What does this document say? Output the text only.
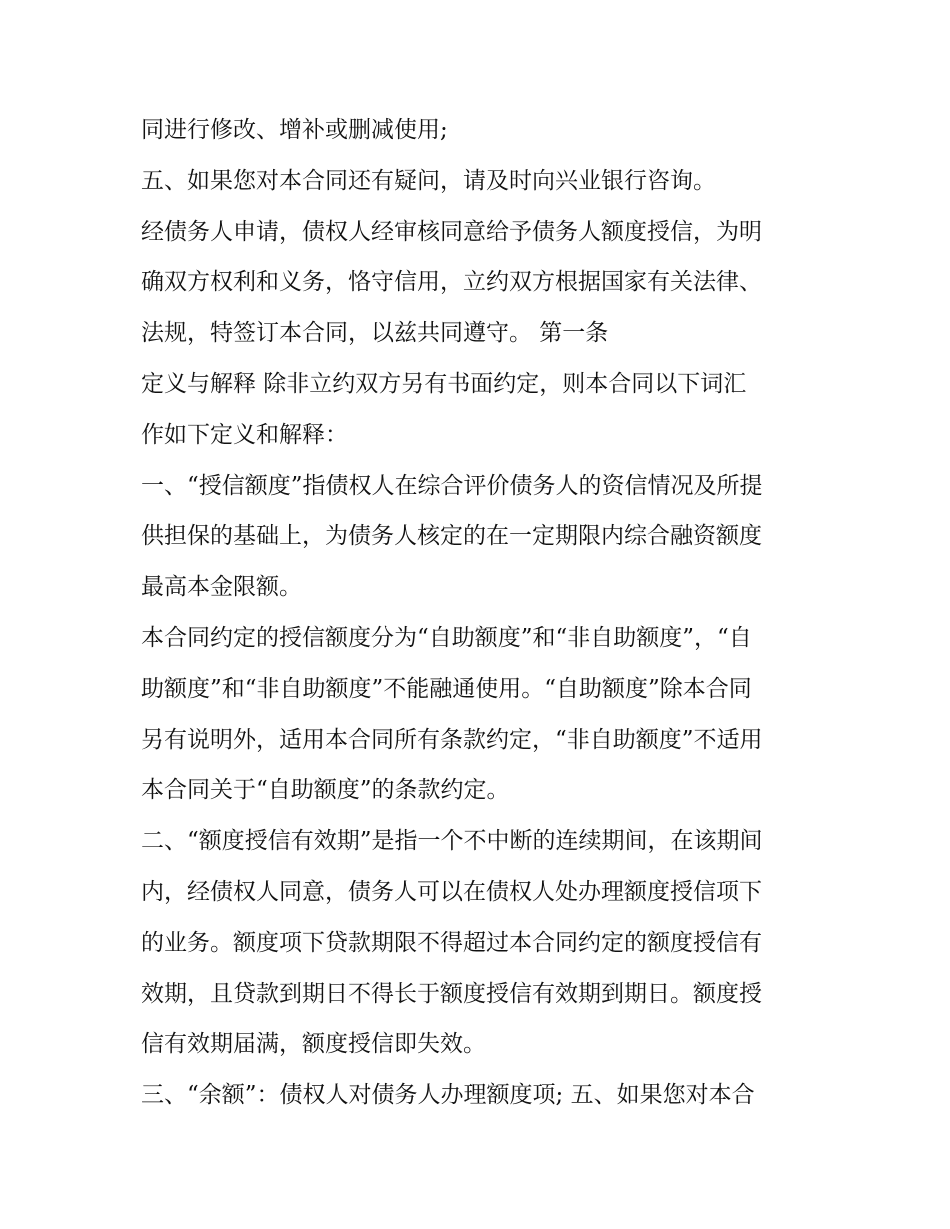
同进行修改、增补或删减使用;

五、如果您对本合同还有疑问，请及时向兴业银行咨询。

经债务人申请，债权人经审核同意给予债务人额度授信，为明

确双方权利和义务，恪守信用，立约双方根据国家有关法律、

法规，特签订本合同，以兹共同遵守。 第一条

定义与解释 除非立约双方另有书面约定，则本合同以下词汇

作如下定义和解释：

一、“授信额度”指债权人在综合评价债务人的资信情况及所提

供担保的基础上，为债务人核定的在一定期限内综合融资额度

最高本金限额。

本合同约定的授信额度分为“自助额度”和“非自助额度”，“自

助额度”和“非自助额度”不能融通使用。“自助额度”除本合同

另有说明外，适用本合同所有条款约定，“非自助额度”不适用

本合同关于“自助额度”的条款约定。

二、“额度授信有效期”是指一个不中断的连续期间，在该期间

内，经债权人同意，债务人可以在债权人处办理额度授信项下

的业务。额度项下贷款期限不得超过本合同约定的额度授信有

效期，且贷款到期日不得长于额度授信有效期到期日。额度授

信有效期届满，额度授信即失效。

三、“余额”：债权人对债务人办理额度项; 五、如果您对本合
